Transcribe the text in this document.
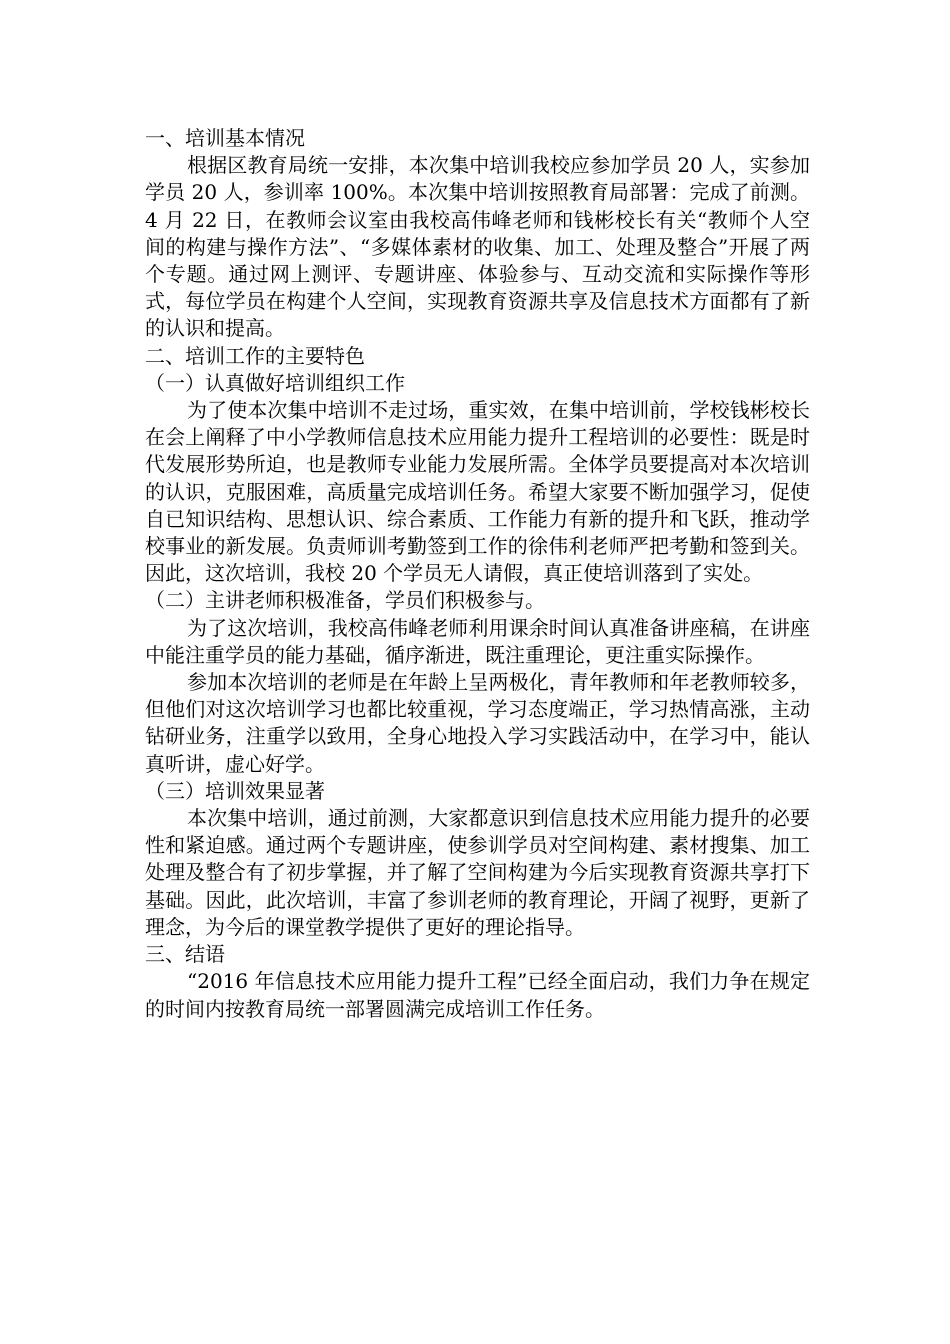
一、培训基本情况

根据区教育局统一安排，本次集中培训我校应参加学员 20 人，实参加学员 20 人，参训率 100%。本次集中培训按照教育局部署：完成了前测。4 月 22 日，在教师会议室由我校高伟峰老师和钱彬校长有关“教师个人空间的构建与操作方法”、“多媒体素材的收集、加工、处理及整合”开展了两个专题。通过网上测评、专题讲座、体验参与、互动交流和实际操作等形式，每位学员在构建个人空间，实现教育资源共享及信息技术方面都有了新的认识和提高。

二、培训工作的主要特色

（一）认真做好培训组织工作

为了使本次集中培训不走过场，重实效，在集中培训前，学校钱彬校长在会上阐释了中小学教师信息技术应用能力提升工程培训的必要性：既是时代发展形势所迫，也是教师专业能力发展所需。全体学员要提高对本次培训的认识，克服困难，高质量完成培训任务。希望大家要不断加强学习，促使自已知识结构、思想认识、综合素质、工作能力有新的提升和飞跃，推动学校事业的新发展。负责师训考勤签到工作的徐伟利老师严把考勤和签到关。因此，这次培训，我校 20 个学员无人请假，真正使培训落到了实处。

（二）主讲老师积极准备，学员们积极参与。

为了这次培训，我校高伟峰老师利用课余时间认真准备讲座稿，在讲座中能注重学员的能力基础，循序渐进，既注重理论，更注重实际操作。

参加本次培训的老师是在年龄上呈两极化，青年教师和年老教师较多，但他们对这次培训学习也都比较重视，学习态度端正，学习热情高涨，主动钻研业务，注重学以致用，全身心地投入学习实践活动中，在学习中，能认真听讲，虚心好学。

（三）培训效果显著

本次集中培训，通过前测，大家都意识到信息技术应用能力提升的必要性和紧迫感。通过两个专题讲座，使参训学员对空间构建、素材搜集、加工处理及整合有了初步掌握，并了解了空间构建为今后实现教育资源共享打下基础。因此，此次培训，丰富了参训老师的教育理论，开阔了视野，更新了理念，为今后的课堂教学提供了更好的理论指导。

三、结语

“2016 年信息技术应用能力提升工程”已经全面启动，我们力争在规定的时间内按教育局统一部署圆满完成培训工作任务。
